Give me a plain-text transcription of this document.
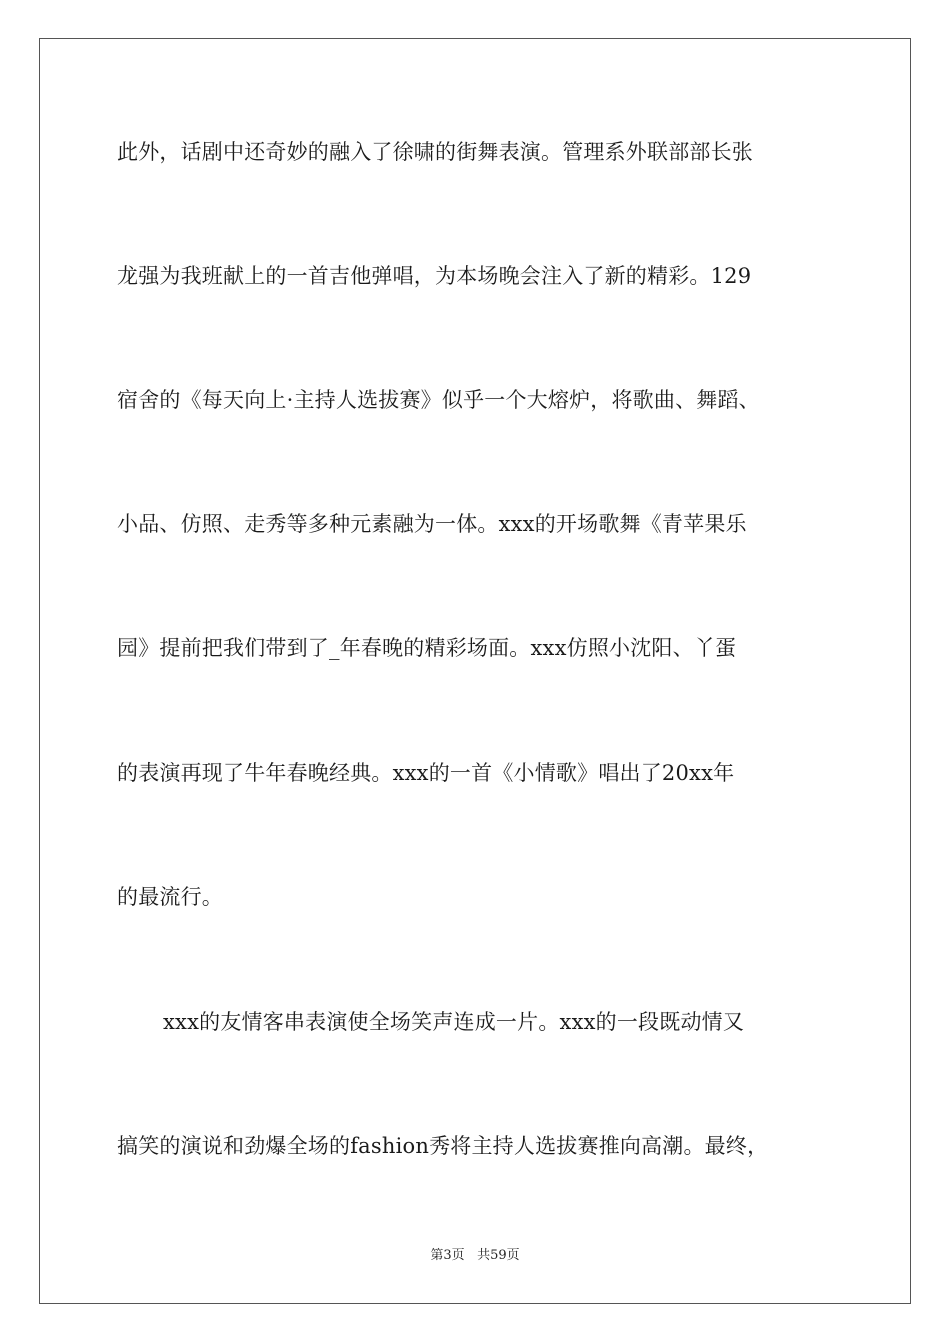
此外，话剧中还奇妙的融入了徐啸的街舞表演。管理系外联部部长张
龙强为我班献上的一首吉他弹唱，为本场晚会注入了新的精彩。129
宿舍的《每天向上·主持人选拔赛》似乎一个大熔炉，将歌曲、舞蹈、
小品、仿照、走秀等多种元素融为一体。xxx的开场歌舞《青苹果乐
园》提前把我们带到了_年春晚的精彩场面。xxx仿照小沈阳、丫蛋
的表演再现了牛年春晚经典。xxx的一首《小情歌》唱出了20xx年
的最流行。
xxx的友情客串表演使全场笑声连成一片。xxx的一段既动情又
搞笑的演说和劲爆全场的fashion秀将主持人选拔赛推向高潮。最终，
第3页 共59页
